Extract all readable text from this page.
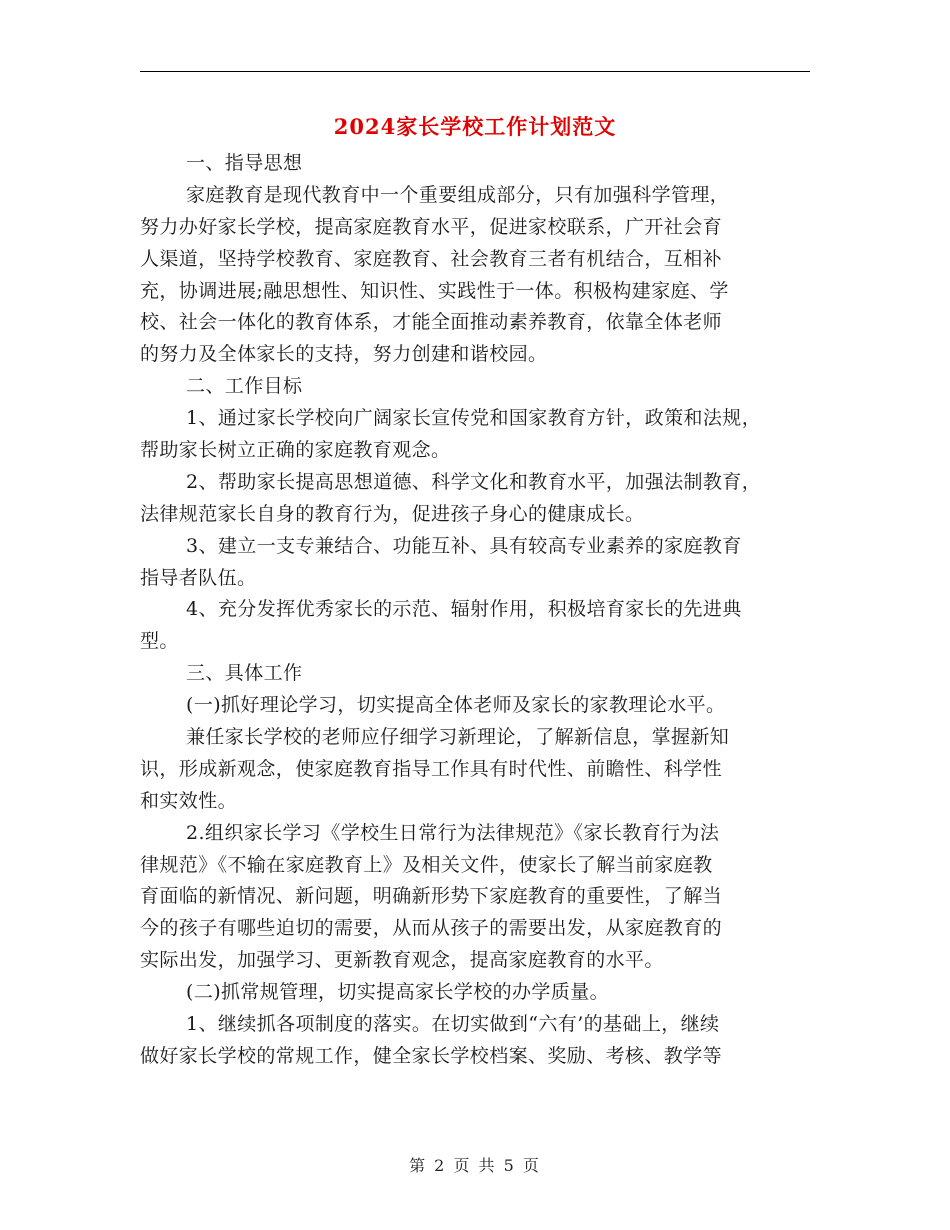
2024家长学校工作计划范文
一、指导思想
家庭教育是现代教育中一个重要组成部分，只有加强科学管理，
努力办好家长学校，提高家庭教育水平，促进家校联系，广开社会育
人渠道，坚持学校教育、家庭教育、社会教育三者有机结合，互相补
充，协调进展;融思想性、知识性、实践性于一体。积极构建家庭、学
校、社会一体化的教育体系，才能全面推动素养教育，依靠全体老师
的努力及全体家长的支持，努力创建和谐校园。
二、工作目标
1、通过家长学校向广阔家长宣传党和国家教育方针，政策和法规，
帮助家长树立正确的家庭教育观念。
2、帮助家长提高思想道德、科学文化和教育水平，加强法制教育，
法律规范家长自身的教育行为，促进孩子身心的健康成长。
3、建立一支专兼结合、功能互补、具有较高专业素养的家庭教育
指导者队伍。
4、充分发挥优秀家长的示范、辐射作用，积极培育家长的先进典
型。
三、具体工作
(一)抓好理论学习，切实提高全体老师及家长的家教理论水平。
兼任家长学校的老师应仔细学习新理论，了解新信息，掌握新知
识，形成新观念，使家庭教育指导工作具有时代性、前瞻性、科学性
和实效性。
2.组织家长学习《学校生日常行为法律规范》《家长教育行为法
律规范》《不输在家庭教育上》及相关文件，使家长了解当前家庭教
育面临的新情况、新问题，明确新形势下家庭教育的重要性，了解当
今的孩子有哪些迫切的需要，从而从孩子的需要出发，从家庭教育的
实际出发，加强学习、更新教育观念，提高家庭教育的水平。
(二)抓常规管理，切实提高家长学校的办学质量。
1、继续抓各项制度的落实。在切实做到“六有’的基础上，继续
做好家长学校的常规工作，健全家长学校档案、奖励、考核、教学等
第 2 页 共 5 页
